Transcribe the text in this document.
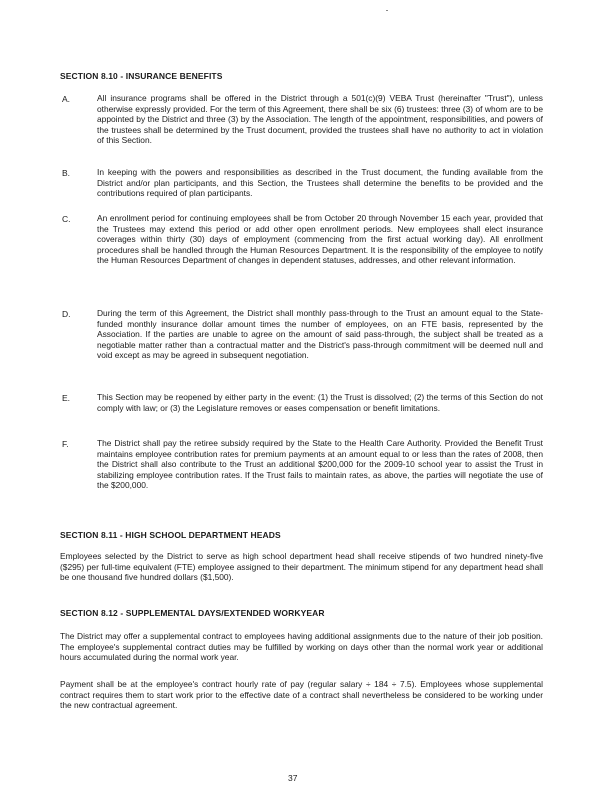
SECTION 8.10 - INSURANCE BENEFITS
A.	All insurance programs shall be offered in the District through a 501(c)(9) VEBA Trust (hereinafter "Trust"), unless otherwise expressly provided. For the term of this Agreement, there shall be six (6) trustees: three (3) of whom are to be appointed by the District and three (3) by the Association. The length of the appointment, responsibilities, and powers of the trustees shall be determined by the Trust document, provided the trustees shall have no authority to act in violation of this Section.
B.	In keeping with the powers and responsibilities as described in the Trust document, the funding available from the District and/or plan participants, and this Section, the Trustees shall determine the benefits to be provided and the contributions required of plan participants.
C.	An enrollment period for continuing employees shall be from October 20 through November 15 each year, provided that the Trustees may extend this period or add other open enrollment periods. New employees shall elect insurance coverages within thirty (30) days of employment (commencing from the first actual working day). All enrollment procedures shall be handled through the Human Resources Department. It is the responsibility of the employee to notify the Human Resources Department of changes in dependent statuses, addresses, and other relevant information.
D.	During the term of this Agreement, the District shall monthly pass-through to the Trust an amount equal to the State-funded monthly insurance dollar amount times the number of employees, on an FTE basis, represented by the Association. If the parties are unable to agree on the amount of said pass-through, the subject shall be treated as a negotiable matter rather than a contractual matter and the District's pass-through commitment will be deemed null and void except as may be agreed in subsequent negotiation.
E.	This Section may be reopened by either party in the event: (1) the Trust is dissolved; (2) the terms of this Section do not comply with law; or (3) the Legislature removes or eases compensation or benefit limitations.
F.	The District shall pay the retiree subsidy required by the State to the Health Care Authority. Provided the Benefit Trust maintains employee contribution rates for premium payments at an amount equal to or less than the rates of 2008, then the District shall also contribute to the Trust an additional $200,000 for the 2009-10 school year to assist the Trust in stabilizing employee contribution rates. If the Trust fails to maintain rates, as above, the parties will negotiate the use of the $200,000.
SECTION 8.11 - HIGH SCHOOL DEPARTMENT HEADS
Employees selected by the District to serve as high school department head shall receive stipends of two hundred ninety-five ($295) per full-time equivalent (FTE) employee assigned to their department. The minimum stipend for any department head shall be one thousand five hundred dollars ($1,500).
SECTION 8.12 - SUPPLEMENTAL DAYS/EXTENDED WORKYEAR
The District may offer a supplemental contract to employees having additional assignments due to the nature of their job position. The employee's supplemental contract duties may be fulfilled by working on days other than the normal work year or additional hours accumulated during the normal work year.
Payment shall be at the employee's contract hourly rate of pay (regular salary ÷ 184 ÷ 7.5). Employees whose supplemental contract requires them to start work prior to the effective date of a contract shall nevertheless be considered to be working under the new contractual agreement.
37
